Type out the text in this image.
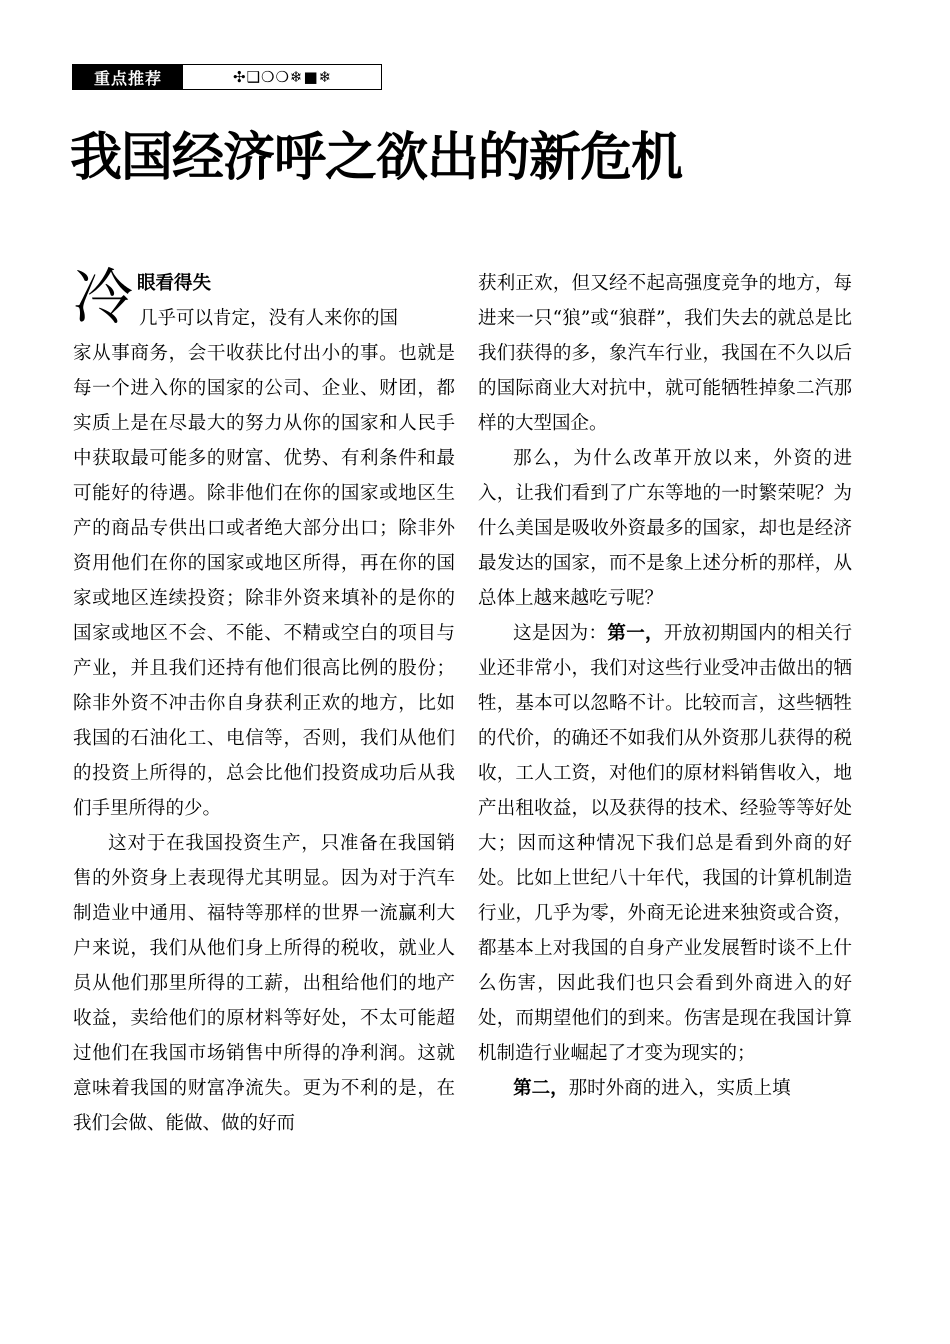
重点推荐	✣❑❍❍❄■❄
我国经济呼之欲出的新危机
冷 眼看得失
几乎可以肯定，没有人来你的国

家从事商务，会干收获比付出小的事。也就是每一个进入你的国家的公司、企业、财团，都实质上是在尽最大的努力从你的国家和人民手中获取最可能多的财富、优势、有利条件和最可能好的待遇。除非他们在你的国家或地区生产的商品专供出口或者绝大部分出口；除非外资用他们在你的国家或地区所得，再在你的国家或地区连续投资；除非外资来填补的是你的国家或地区不会、不能、不精或空白的项目与产业，并且我们还持有他们很高比例的股份；除非外资不冲击你自身获利正欢的地方，比如我国的石油化工、电信等，否则，我们从他们的投资上所得的，总会比他们投资成功后从我们手里所得的少。

这对于在我国投资生产，只准备在我国销售的外资身上表现得尤其明显。因为对于汽车制造业中通用、福特等那样的世界一流赢利大户来说，我们从他们身上所得的税收，就业人员从他们那里所得的工薪，出租给他们的地产收益，卖给他们的原材料等好处，不太可能超过他们在我国市场销售中所得的净利润。这就意味着我国的财富净流失。更为不利的是，在我们会做、能做、做的好而

获利正欢，但又经不起高强度竞争的地方，每进来一只“狼”或“狼群”，我们失去的就总是比我们获得的多，象汽车行业，我国在不久以后的国际商业大对抗中，就可能牺牲掉象二汽那样的大型国企。

那么，为什么改革开放以来，外资的进入，让我们看到了广东等地的一时繁荣呢？为什么美国是吸收外资最多的国家，却也是经济最发达的国家，而不是象上述分析的那样，从总体上越来越吃亏呢？

这是因为：第一，开放初期国内的相关行业还非常小，我们对这些行业受冲击做出的牺牲，基本可以忽略不计。比较而言，这些牺牲的代价，的确还不如我们从外资那儿获得的税收，工人工资，对他们的原材料销售收入，地产出租收益，以及获得的技术、经验等等好处大；因而这种情况下我们总是看到外商的好处。比如上世纪八十年代，我国的计算机制造行业，几乎为零，外商无论进来独资或合资，都基本上对我国的自身产业发展暂时谈不上什么伤害，因此我们也只会看到外商进入的好处，而期望他们的到来。伤害是现在我国计算机制造行业崛起了才变为现实的；

第二，那时外商的进入，实质上填
